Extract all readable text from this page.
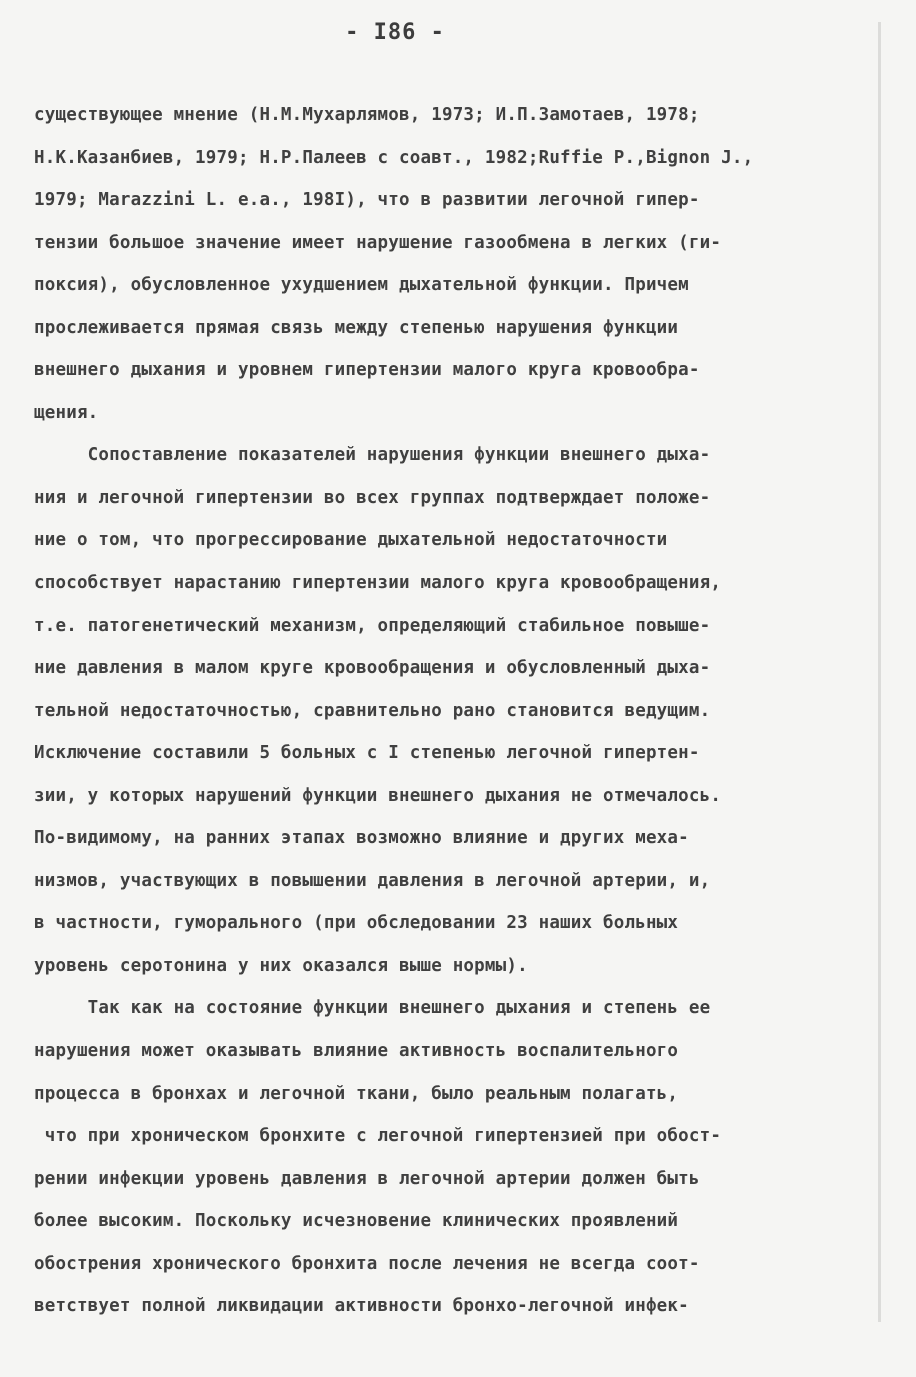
- I86 -
существующее мнение (Н.М.Мухарлямов, 1973; И.П.Замотаев, 1978;
Н.К.Казанбиев, 1979; Н.Р.Палеев с соавт., 1982;Ruffie P.,Bignon J.,
1979; Marazzini L. e.a., 198I), что в развитии легочной гипер-
тензии большое значение имеет нарушение газообмена в легких (ги-
поксия), обусловленное ухудшением дыхательной функции. Причем
прослеживается прямая связь между степенью нарушения функции
внешнего дыхания и уровнем гипертензии малого круга кровообра-
щения.
Сопоставление показателей нарушения функции внешнего дыха-
ния и легочной гипертензии во всех группах подтверждает положе-
ние о том, что прогрессирование дыхательной недостаточности
способствует нарастанию гипертензии малого круга кровообращения,
т.е. патогенетический механизм, определяющий стабильное повыше-
ние давления в малом круге кровообращения и обусловленный дыха-
тельной недостаточностью, сравнительно рано становится ведущим.
Исключение составили 5 больных с I степенью легочной гипертен-
зии, у которых нарушений функции внешнего дыхания не отмечалось.
По-видимому, на ранних этапах возможно влияние и других меха-
низмов, участвующих в повышении давления в легочной артерии, и,
в частности, гуморального (при обследовании 23 наших больных
уровень серотонина у них оказался выше нормы).
Так как на состояние функции внешнего дыхания и степень ее
нарушения может оказывать влияние активность воспалительного
процесса в бронхах и легочной ткани, было реальным полагать,
что при хроническом бронхите с легочной гипертензией при обост-
рении инфекции уровень давления в легочной артерии должен быть
более высоким. Поскольку исчезновение клинических проявлений
обострения хронического бронхита после лечения не всегда соот-
ветствует полной ликвидации активности бронхо-легочной инфек-
